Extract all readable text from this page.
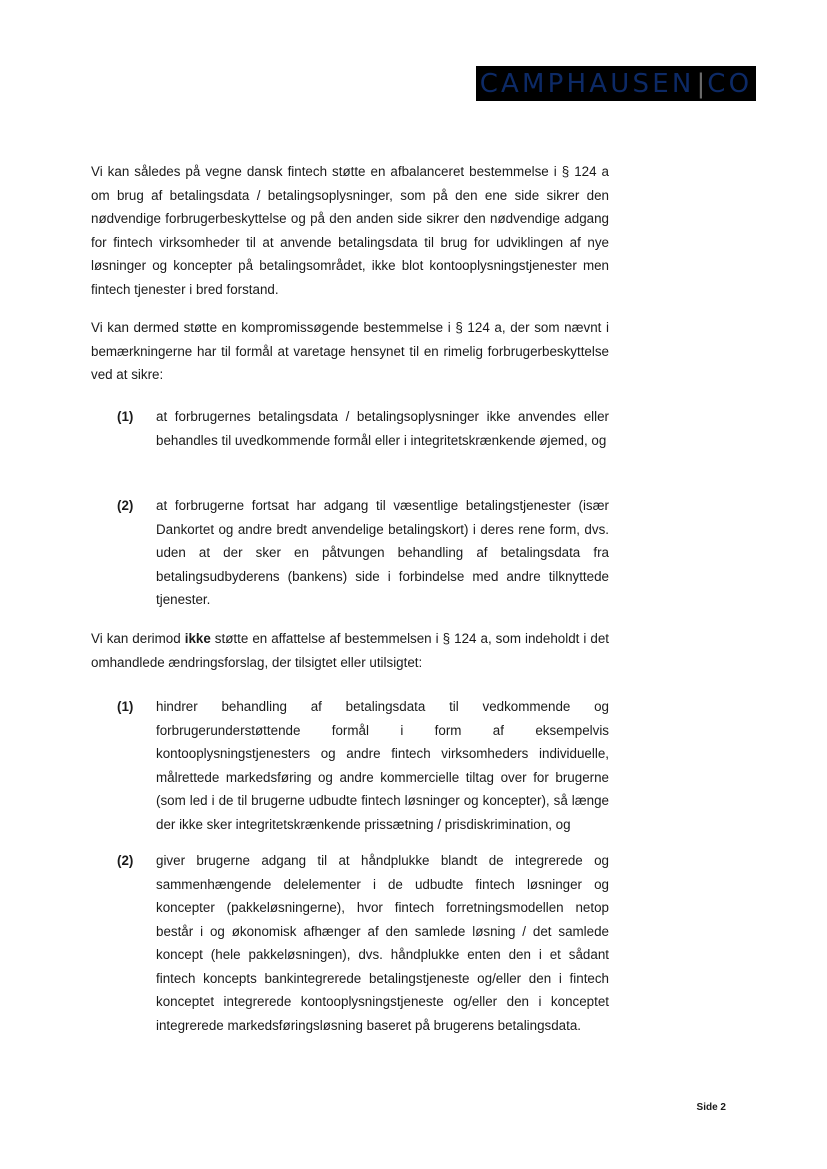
CAMPHAUSEN | CO

Vi kan således på vegne dansk fintech støtte en afbalanceret bestemmelse i § 124 a om brug af betalingsdata / betalingsoplysninger, som på den ene side sikrer den nødvendige forbrugerbeskyttelse og på den anden side sikrer den nødvendige adgang for fintech virksomheder til at anvende betalingsdata til brug for udviklingen af nye løsninger og koncepter på betalingsområdet, ikke blot kontooplysningstjenester men fintech tjenester i bred forstand.

Vi kan dermed støtte en kompromissøgende bestemmelse i § 124 a, der som nævnt i bemærkningerne har til formål at varetage hensynet til en rimelig forbrugerbeskyttelse ved at sikre:

(1)	at forbrugernes betalingsdata / betalingsoplysninger ikke anvendes eller behandles til uvedkommende formål eller i integritetskrænkende øjemed, og

(2)	at forbrugerne fortsat har adgang til væsentlige betalingstjenester (især Dankortet og andre bredt anvendelige betalingskort) i deres rene form, dvs. uden at der sker en påtvungen behandling af betalingsdata fra betalingsudbyderens (bankens) side i forbindelse med andre tilknyttede tjenester.

Vi kan derimod ikke støtte en affattelse af bestemmelsen i § 124 a, som indeholdt i det omhandlede ændringsforslag, der tilsigtet eller utilsigtet:

(1)	hindrer behandling af betalingsdata til vedkommende og forbrugerunderstøttende formål i form af eksempelvis kontooplysningstjenesters og andre fintech virksomheders individuelle, målrettede markedsføring og andre kommercielle tiltag over for brugerne (som led i de til brugerne udbudte fintech løsninger og koncepter), så længe der ikke sker integritetskrænkende prissætning / prisdiskrimination, og

(2)	giver brugerne adgang til at håndplukke blandt de integrerede og sammenhængende delelementer i de udbudte fintech løsninger og koncepter (pakkeløsningerne), hvor fintech forretningsmodellen netop består i og økonomisk afhænger af den samlede løsning / det samlede koncept (hele pakkeløsningen), dvs. håndplukke enten den i et sådant fintech koncepts bankintegrerede betalingstjeneste og/eller den i fintech konceptet integrerede kontooplysningstjeneste og/eller den i konceptet integrerede markedsføringsløsning baseret på brugerens betalingsdata.

Side 2
